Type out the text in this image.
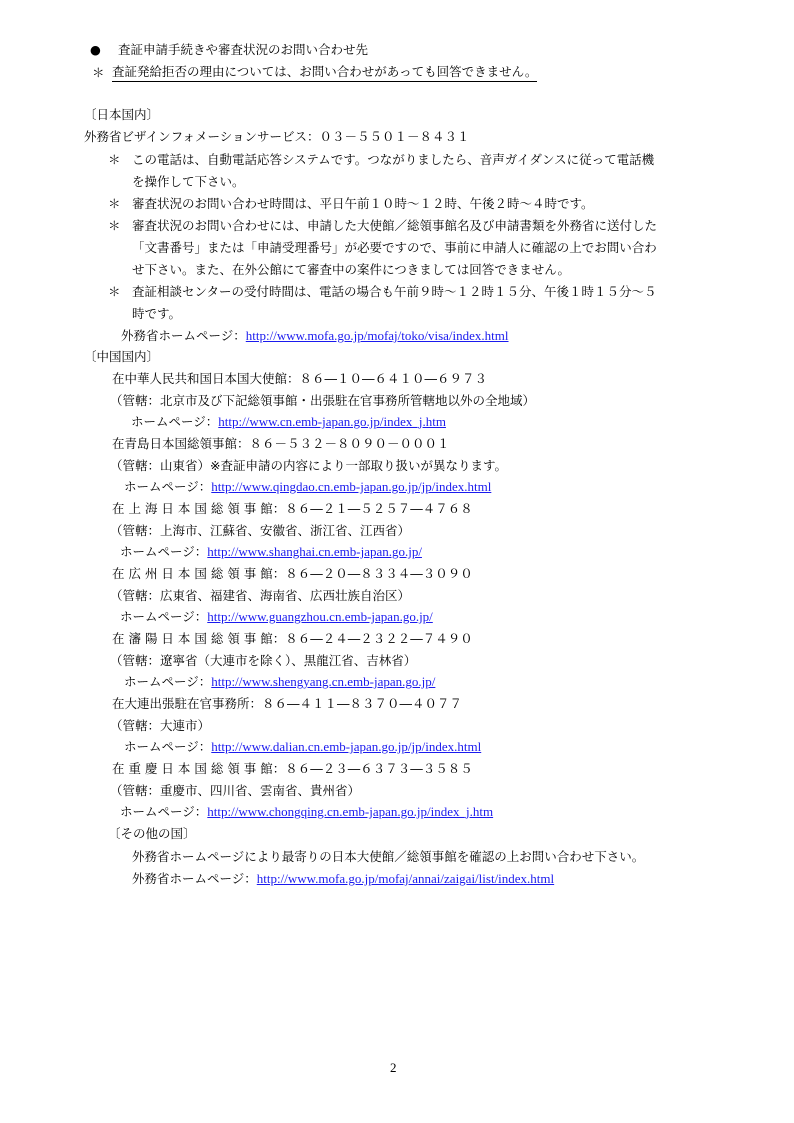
● 査証申請手続きや審査状況のお問い合わせ先
＊ 査証発給拒否の理由については、お問い合わせがあっても回答できません。
〔日本国内〕
外務省ビザインフォメーションサービス：０３－５５０１－８４３１
＊ この電話は、自動電話応答システムです。つながりましたら、音声ガイダンスに従って電話機
を操作して下さい。
＊ 審査状況のお問い合わせ時間は、平日午前１０時～１２時、午後２時～４時です。
＊ 審査状況のお問い合わせには、申請した大使館／総領事館名及び申請書類を外務省に送付した
「文書番号」または「申請受理番号」が必要ですので、事前に申請人に確認の上でお問い合わ
せ下さい。また、在外公館にて審査中の案件につきましては回答できません。
＊ 査証相談センターの受付時間は、電話の場合も午前９時～１２時１５分、午後１時１５分～５
時です。
外務省ホームページ：http://www.mofa.go.jp/mofaj/toko/visa/index.html
〔中国国内〕
在中華人民共和国日本国大使館：８６―１０―６４１０―６９７３
（管轄：北京市及び下記総領事館・出張駐在官事務所管轄地以外の全地域）
ホームページ：http://www.cn.emb-japan.go.jp/index_j.htm
在青島日本国総領事館：８６－５３２－８０９０－０００１
（管轄：山東省）※査証申請の内容により一部取り扱いが異なります。
ホームページ：http://www.qingdao.cn.emb-japan.go.jp/jp/index.html
在 上 海 日 本 国 総 領 事 館：８６―２１―５２５７―４７６８
（管轄：上海市、江蘇省、安徽省、浙江省、江西省）
ホームページ：http://www.shanghai.cn.emb-japan.go.jp/
在 広 州 日 本 国 総 領 事 館：８６―２０―８３３４―３０９０
（管轄：広東省、福建省、海南省、広西壮族自治区）
ホームページ：http://www.guangzhou.cn.emb-japan.go.jp/
在 瀋 陽 日 本 国 総 領 事 館：８６―２４―２３２２―７４９０
（管轄：遼寧省（大連市を除く）、黒龍江省、吉林省）
ホームページ：http://www.shengyang.cn.emb-japan.go.jp/
在大連出張駐在官事務所：８６―４１１―８３７０―４０７７
（管轄：大連市）
ホームページ：http://www.dalian.cn.emb-japan.go.jp/jp/index.html
在 重 慶 日 本 国 総 領 事 館：８６―２３―６３７３―３５８５
（管轄：重慶市、四川省、雲南省、貴州省）
ホームページ：http://www.chongqing.cn.emb-japan.go.jp/index_j.htm
〔その他の国〕
外務省ホームページにより最寄りの日本大使館／総領事館を確認の上お問い合わせ下さい。
外務省ホームページ：http://www.mofa.go.jp/mofaj/annai/zaigai/list/index.html
2
